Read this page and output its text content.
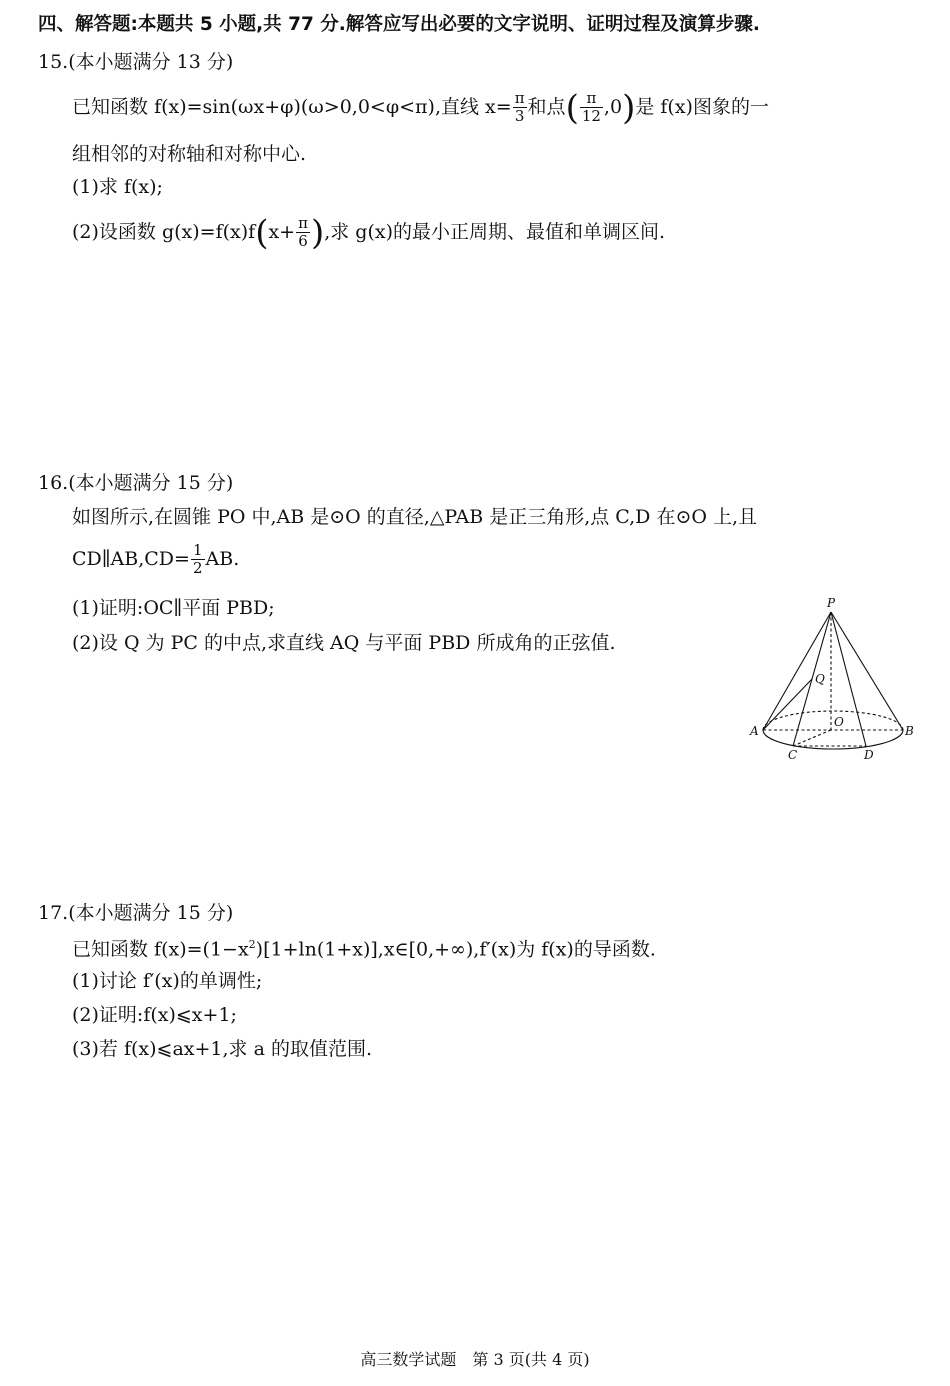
四、解答题:本题共 5 小题,共 77 分.解答应写出必要的文字说明、证明过程及演算步骤.
15.(本小题满分 13 分)
已知函数 f(x)=sin(ωx+φ)(ω>0,0<φ<π),直线 $x= \frac{\pi}{3}$ 和点( $\frac{\pi}{12} ,0$)是 f(x)图象的一
组相邻的对称轴和对称中心.
(1)求 f(x);
(2)设函数 $g(x)=f(x)f(x+ \frac{\pi}{6}$ ),求 g(x)的最小正周期、最值和单调区间.
16.(本小题满分 15 分)
如图所示,在圆锥 PO 中,AB 是⊙O 的直径,△PAB 是正三角形,点 C,D 在⊙O 上,且
CD∥AB,CD= $\frac{1}{2}$ AB.
(1)证明:OC∥平面 PBD;
(2)设 Q 为 PC 的中点,求直线 AQ 与平面 PBD 所成角的正弦值.
P
Q
O
A	B
C	D
17.(本小题满分 15 分)
已知函数 $f(x)=(1-x^2)[1+\ln(1+x)],x\in[0,+\infty),f'(x)$为 f(x)的导函数.
(1)讨论 f′(x)的单调性;
(2)证明:f(x)⩽x+1;
(3)若 f(x)⩽ax+1,求 a 的取值范围.
高三数学试题　第 3 页(共 4 页)
